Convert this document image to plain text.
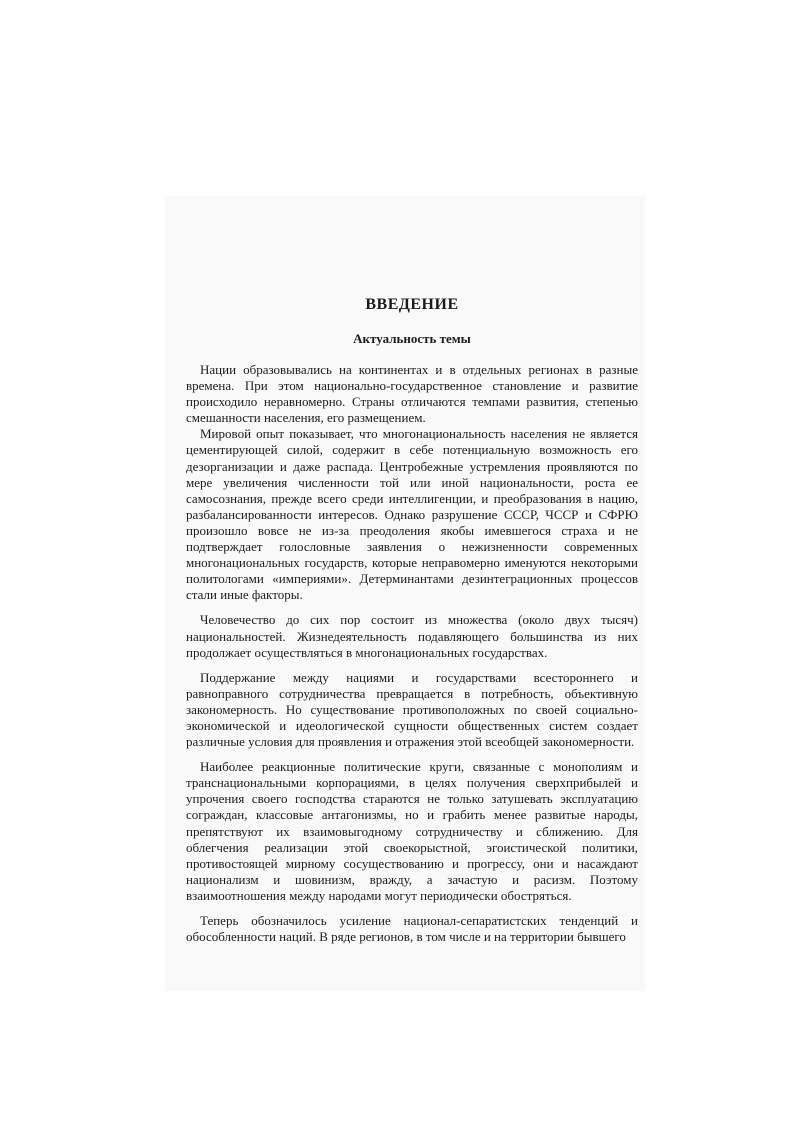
ВВЕДЕНИЕ
Актуальность темы

Нации образовывались на континентах и в отдельных регионах в разные времена. При этом национально-государственное становление и развитие происходило неравномерно. Страны отличаются темпами развития, степенью смешанности населения, его размещением.

Мировой опыт показывает, что многонациональность населения не является цементирующей силой, содержит в себе потенциальную возможность его дезорганизации и даже распада. Центробежные устремления проявляются по мере увеличения численности той или иной национальности, роста ее самосознания, прежде всего среди интеллигенции, и преобразования в нацию, разбалансированности интересов. Однако разрушение СССР, ЧССР и СФРЮ произошло вовсе не из-за преодоления якобы имевшегося страха и не подтверждает голословные заявления о нежизненности современных многонациональных государств, которые неправомерно именуются некоторыми политологами «империями». Детерминантами дезинтеграционных процессов стали иные факторы.

Человечество до сих пор состоит из множества (около двух тысяч) национальностей. Жизнедеятельность подавляющего большинства из них продолжает осуществляться в многонациональных государствах.

Поддержание между нациями и государствами всестороннего и равноправного сотрудничества превращается в потребность, объективную закономерность. Но существование противоположных по своей социально-экономической и идеологической сущности общественных систем создает различные условия для проявления и отражения этой всеобщей закономерности.

Наиболее реакционные политические круги, связанные с монополиям и транснациональными корпорациями, в целях получения сверхприбылей и упрочения своего господства стараются не только затушевать эксплуатацию сограждан, классовые антагонизмы, но и грабить менее развитые народы, препятствуют их взаимовыгодному сотрудничеству и сближению. Для облегчения реализации этой своекорыстной, эгоистической политики, противостоящей мирному сосуществованию и прогрессу, они и насаждают национализм и шовинизм, вражду, а зачастую и расизм. Поэтому взаимоотношения между народами могут периодически обостряться.

Теперь обозначилось усиление национал-сепаратистских тенденций и обособленности наций. В ряде регионов, в том числе и на территории бывшего
